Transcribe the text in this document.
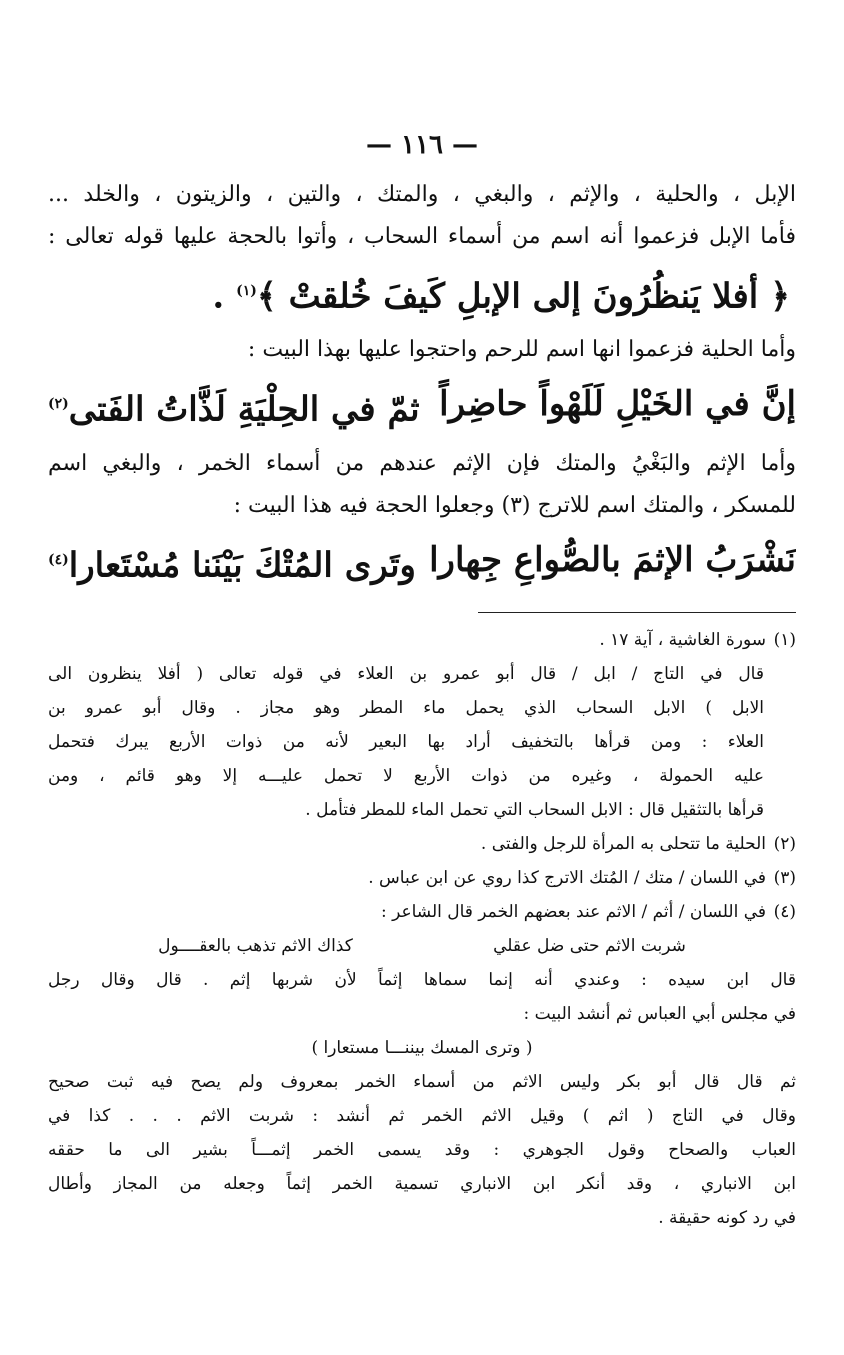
— ١١٦ —
الإبل ، والحلية ، والإثم ، والبغي ، والمتك ، والتين ، والزيتون ، والخلد ...
فأما الإبل فزعموا أنه اسم من أسماء السحاب ، وأتوا بالحجة عليها قوله تعالى :
﴿ أفلا يَنظُرُونَ إلى الإبلِ كَيفَ خُلقتْ ﴾$^{(١)}$ .
وأما الحلية فزعموا انها اسم للرحم واحتجوا عليها بهذا البيت :
إنَّ في الخَيْلِ لَلَهْواً حاضِراً
ثمّ في الحِلْيَةِ لَذَّاتُ الفَتى$^{(٢)}$
وأما الإثم والبَغْيُ والمتك فإن الإثم عندهم من أسماء الخمر ، والبغي اسم
للمسكر ، والمتك اسم للاترج (٣) وجعلوا الحجة فيه هذا البيت :
نَشْرَبُ الإثمَ بالصُّواعِ جِهارا
وتَرى المُتْكَ بَيْنَنا مُسْتَعارا$^{(٤)}$
(١)سورة الغاشية ، آية ١٧ .
قال في التاج / ابل / قال أبو عمرو بن العلاء في قوله تعالى ( أفلا ينظرون الى
الابل ) الابل السحاب الذي يحمل ماء المطر وهو مجاز . وقال أبو عمرو بن
العلاء : ومن قرأها بالتخفيف أراد بها البعير لأنه من ذوات الأربع يبرك فتحمل
عليه الحمولة ، وغيره من ذوات الأربع لا تحمل عليـــه إلا وهو قائم ، ومن
قرأها بالتثقيل قال : الابل السحاب التي تحمل الماء للمطر فتأمل .
(٢)الحلية ما تتحلى به المرأة للرجل والفتى .
(٣)في اللسان / متك / المُتك الاترج كذا روي عن ابن عباس .
(٤)في اللسان / أثم / الاثم عند بعضهم الخمر قال الشاعر :
شربت الاثم حتى ضل عقلي
كذاك الاثم تذهب بالعقــــول
قال ابن سيده : وعندي أنه إنما سماها إثماً لأن شربها إثم . قال وقال رجل
في مجلس أبي العباس ثم أنشد البيت :
( وترى المسك بيننـــا مستعارا )
ثم قال قال أبو بكر وليس الاثم من أسماء الخمر بمعروف ولم يصح فيه ثبت صحيح
وقال في التاج ( اثم ) وقيل الاثم الخمر ثم أنشد : شربت الاثم . . . كذا في
العباب والصحاح وقول الجوهري : وقد يسمى الخمر إثمـــاً بشير الى ما حققه
ابن الانباري ، وقد أنكر ابن الانباري تسمية الخمر إثماً وجعله من المجاز وأطال
في رد كونه حقيقة .
